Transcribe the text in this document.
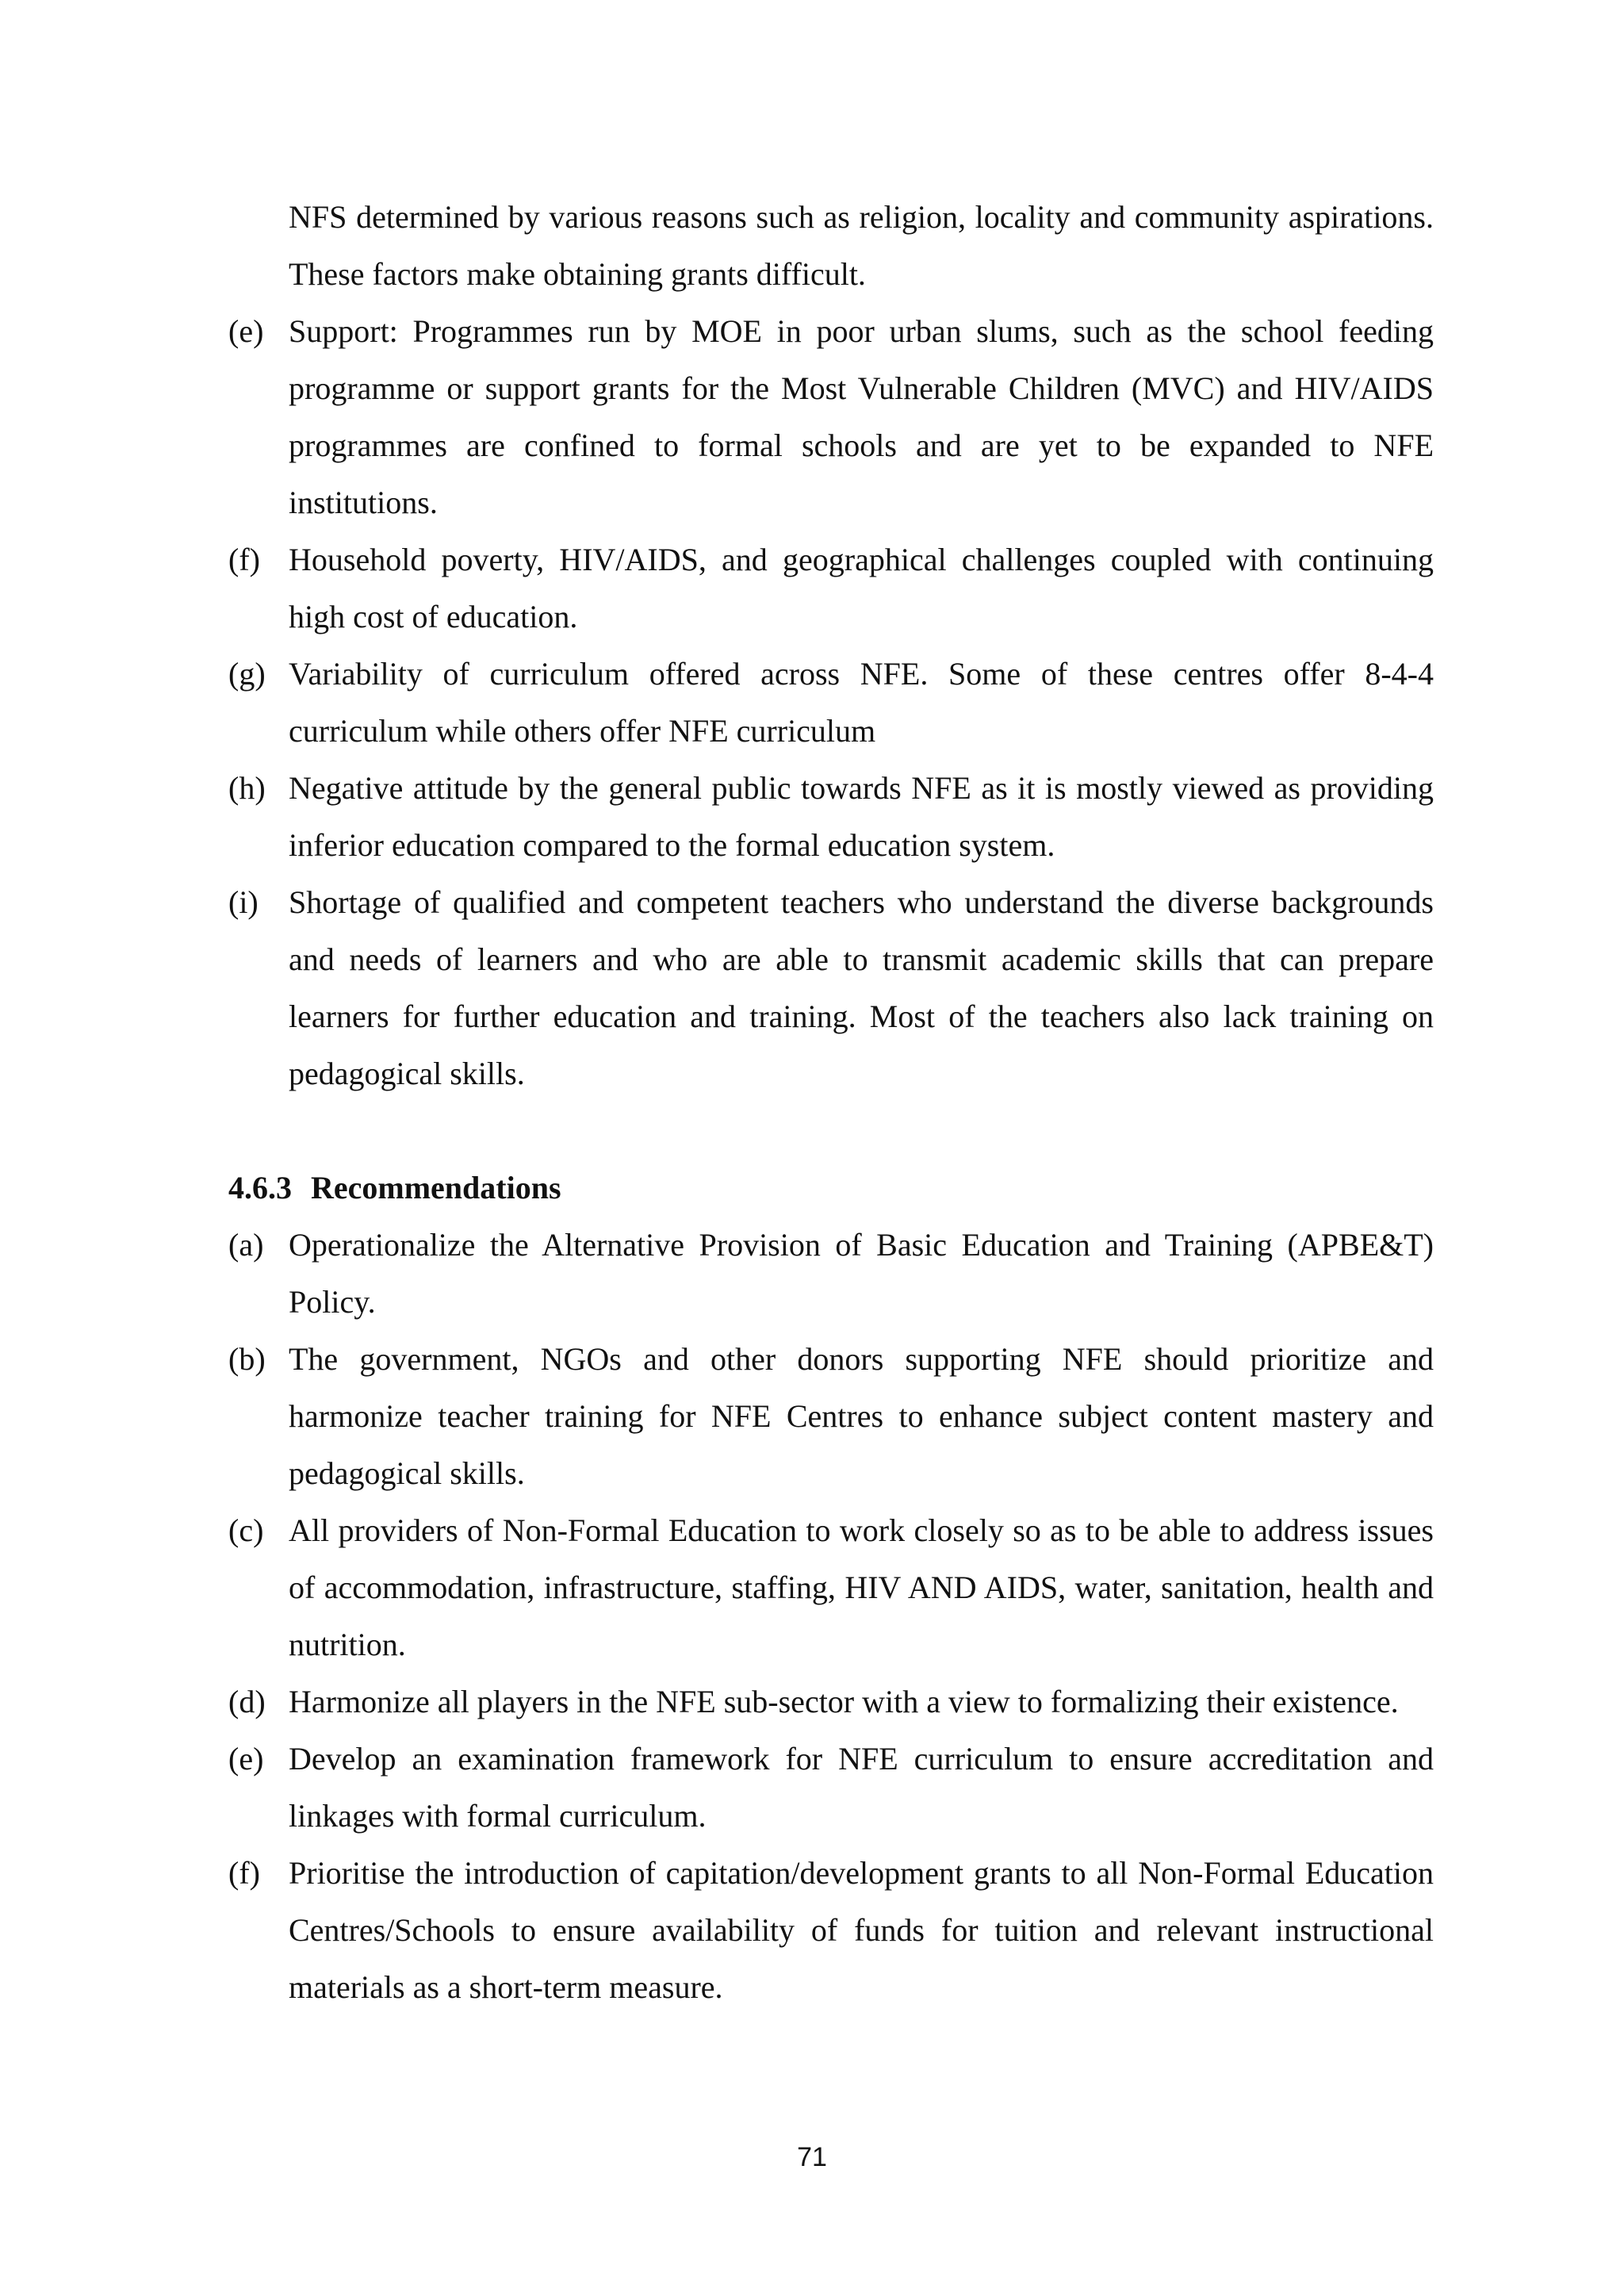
NFS determined by various reasons such as religion, locality and community aspirations. These factors make obtaining grants difficult.

(e) Support: Programmes run by MOE in poor urban slums, such as the school feeding programme or support grants for the Most Vulnerable Children (MVC) and HIV/AIDS programmes are confined to formal schools and are yet to be expanded to NFE institutions.

(f) Household poverty, HIV/AIDS, and geographical challenges coupled with continuing high cost of education.

(g) Variability of curriculum offered across NFE. Some of these centres offer 8-4-4 curriculum while others offer NFE curriculum

(h) Negative attitude by the general public towards NFE as it is mostly viewed as providing inferior education compared to the formal education system.

(i) Shortage of qualified and competent teachers who understand the diverse backgrounds and needs of learners and who are able to transmit academic skills that can prepare learners for further education and training. Most of the teachers also lack training on pedagogical skills.

4.6.3 Recommendations
(a) Operationalize the Alternative Provision of Basic Education and Training (APBE&T) Policy.

(b) The government, NGOs and other donors supporting NFE should prioritize and harmonize teacher training for NFE Centres to enhance subject content mastery and pedagogical skills.

(c) All providers of Non-Formal Education to work closely so as to be able to address issues of accommodation, infrastructure, staffing, HIV AND AIDS, water, sanitation, health and nutrition.

(d) Harmonize all players in the NFE sub-sector with a view to formalizing their existence.

(e) Develop an examination framework for NFE curriculum to ensure accreditation and linkages with formal curriculum.

(f) Prioritise the introduction of capitation/development grants to all Non-Formal Education Centres/Schools to ensure availability of funds for tuition and relevant instructional materials as a short-term measure.

71
